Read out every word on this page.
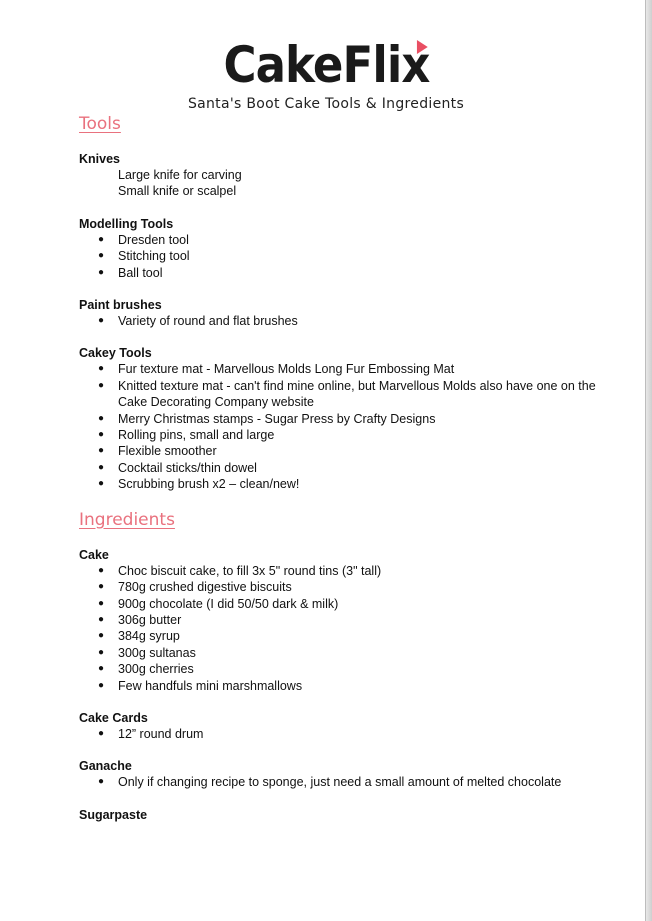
CakeFlix
Santa's Boot Cake Tools & Ingredients
Tools
Knives
Large knife for carving
Small knife or scalpel
Modelling Tools
● Dresden tool
● Stitching tool
● Ball tool
Paint brushes
● Variety of round and flat brushes
Cakey Tools
● Fur texture mat - Marvellous Molds Long Fur Embossing Mat
● Knitted texture mat - can't find mine online, but Marvellous Molds also have one on the Cake Decorating Company website
● Merry Christmas stamps - Sugar Press by Crafty Designs
● Rolling pins, small and large
● Flexible smoother
● Cocktail sticks/thin dowel
● Scrubbing brush x2 – clean/new!
Ingredients
Cake
● Choc biscuit cake, to fill 3x 5" round tins (3" tall)
● 780g crushed digestive biscuits
● 900g chocolate (I did 50/50 dark & milk)
● 306g butter
● 384g syrup
● 300g sultanas
● 300g cherries
● Few handfuls mini marshmallows
Cake Cards
● 12” round drum
Ganache
● Only if changing recipe to sponge, just need a small amount of melted chocolate
Sugarpaste
